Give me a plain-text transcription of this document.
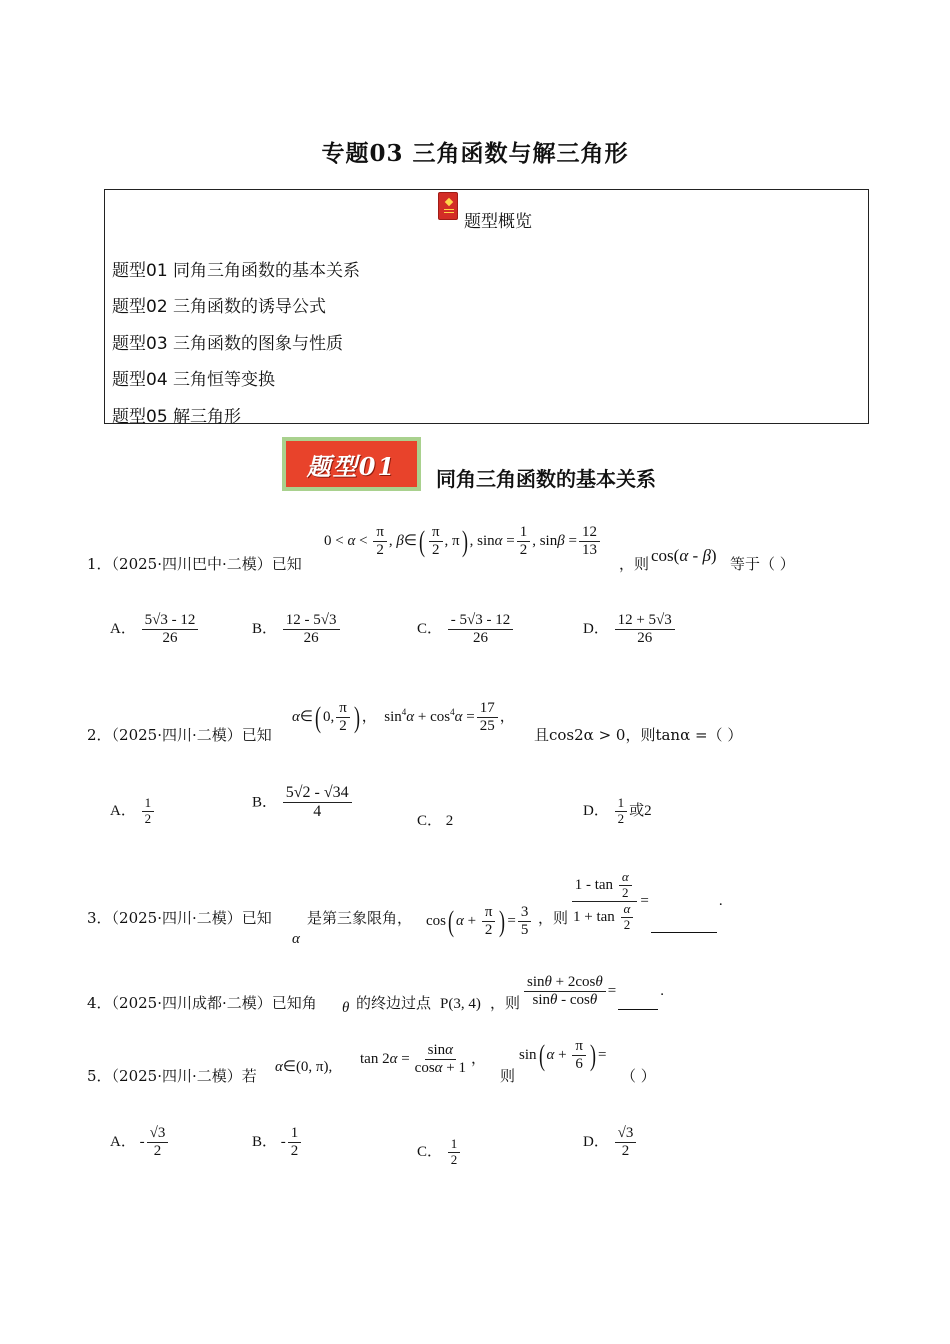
专题03 三角函数与解三角形
题型概览
题型01 同角三角函数的基本关系
题型02 三角函数的诱导公式
题型03 三角函数的图象与性质
题型04 三角恒等变换
题型05 解三角形
题型01 同角三角函数的基本关系
1．（2025·四川巴中·二模）已知
$0 < \alpha < \frac{\pi}{2}$ , β∈( $\frac{\pi}{2}$ , π) , $\sin\alpha = \frac{1}{2}$ , $\sin\beta = \frac{12}{13}$
，则 cos(α - β) 等于（ ）
A． $\frac{5√3 - 12}{26}$	B． $\frac{12 - 5√3}{26}$	C． $\frac{- 5√3 - 12}{26}$	D． $\frac{12 + 5√3}{26}$
2．（2025·四川·二模）已知
α∈( 0, $\frac{\pi}{2}$ ) ，  $\sin^4\alpha + \cos^4\alpha = \frac{17}{25}$ ，
且cos2α > 0，则tanα =（ ）
A． $\frac{1}{2}$	B． $\frac{5√2 - √34}{4}$	C． 2
D． $\frac{1}{2}$ 或2
3．（2025·四川·二模）已知
α
是第三象限角， cos( $\alpha + \frac{\pi}{2}$ ) = $\frac{3}{5}$ ，则 $\frac{1 - \tan \frac{\alpha}{2}}{1 + \tan \frac{\alpha}{2}}$ =	.
4．（2025·四川成都·二模）已知角 θ 的终边过点 P(3, 4) ，则 $\frac{\sin\theta + 2\cos\theta}{\sin\theta - \cos\theta}$ =	.
5．（2025·四川·二模）若 α∈(0, π), $\tan 2\alpha = \frac{\sin\alpha}{\cos\alpha + 1}$ ，
则
sin( $\alpha + \frac{\pi}{6}$ ) =
（ ）
A． - $\frac{√3}{2}$	B． - $\frac{1}{2}$	C． $\frac{1}{2}$	D． $\frac{√3}{2}$
